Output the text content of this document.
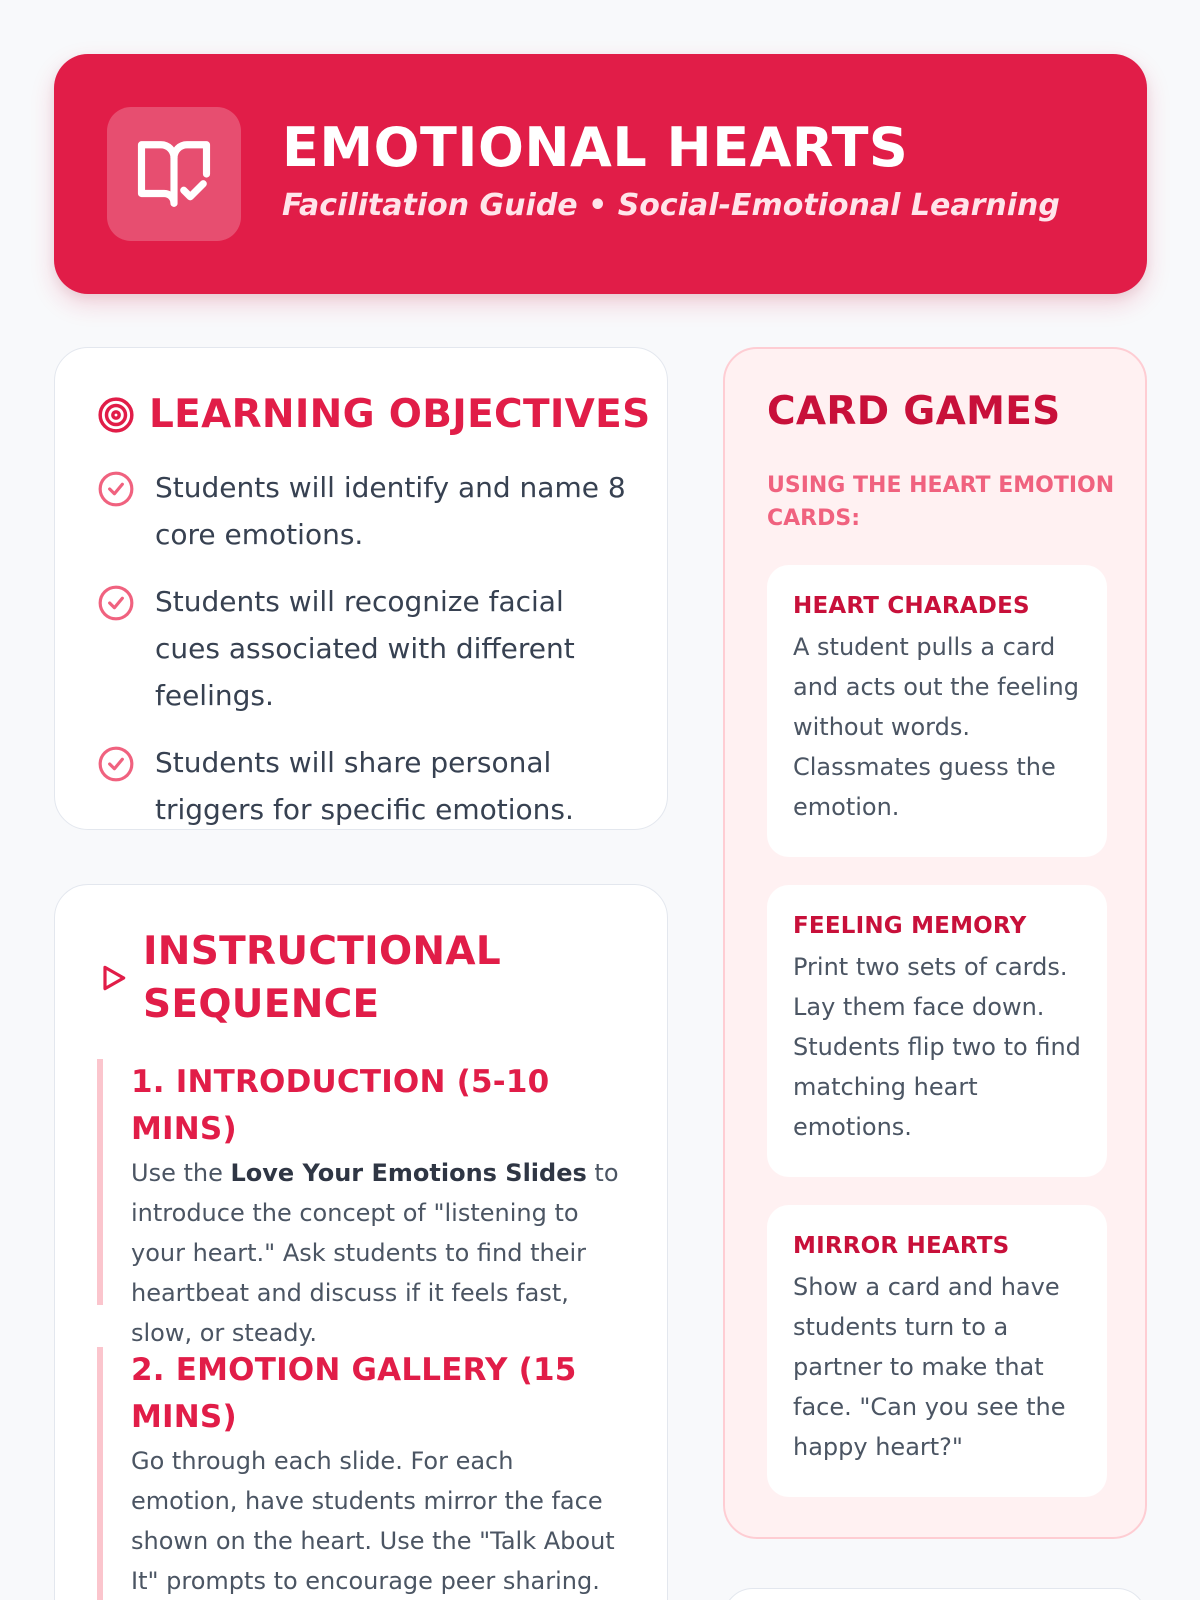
EMOTIONAL HEARTS
Facilitation Guide • Social-Emotional Learning
LEARNING OBJECTIVES
Students will identify and name 8 core emotions.
Students will recognize facial cues associated with different feelings.
Students will share personal triggers for specific emotions.
INSTRUCTIONAL SEQUENCE
1. INTRODUCTION (5-10 MINS)
Use the Love Your Emotions Slides to introduce the concept of "listening to your heart." Ask students to find their heartbeat and discuss if it feels fast, slow, or steady.
2. EMOTION GALLERY (15 MINS)
Go through each slide. For each emotion, have students mirror the face shown on the heart. Use the "Talk About It" prompts to encourage peer sharing.
CARD GAMES
USING THE HEART EMOTION CARDS:
HEART CHARADES
A student pulls a card and acts out the feeling without words. Classmates guess the emotion.
FEELING MEMORY
Print two sets of cards. Lay them face down. Students flip two to find matching heart emotions.
MIRROR HEARTS
Show a card and have students turn to a partner to make that face. "Can you see the happy heart?"
